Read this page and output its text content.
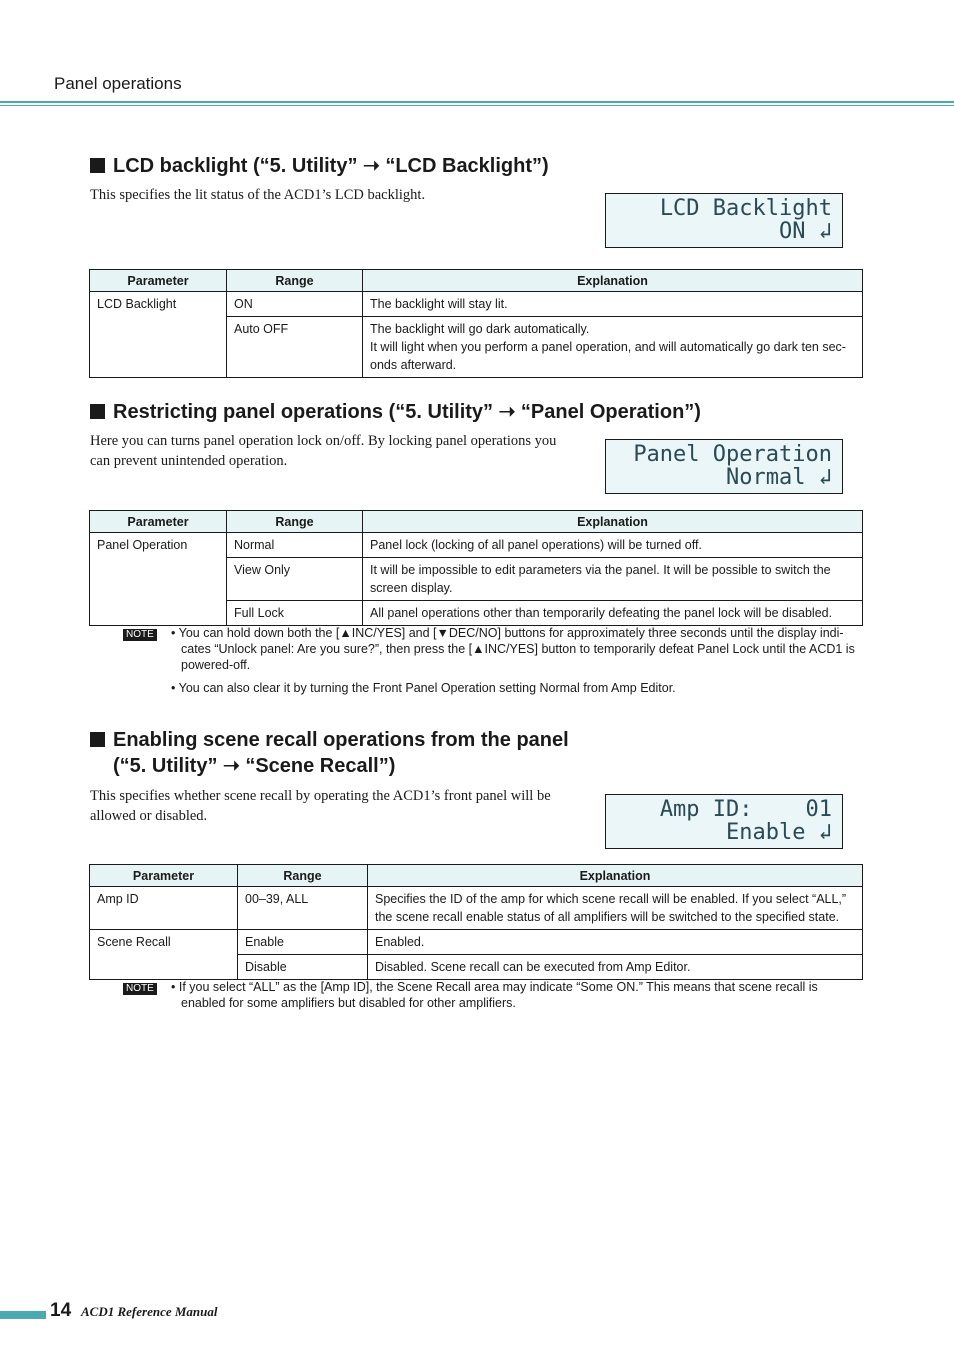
Panel operations
LCD backlight (“5. Utility” ➝ “LCD Backlight”)
This specifies the lit status of the ACD1’s LCD backlight.
LCD Backlight
ON ↲
Parameter	Range	Explanation
LCD Backlight	ON	The backlight will stay lit.
	Auto OFF	The backlight will go dark automatically.
It will light when you perform a panel operation, and will automatically go dark ten sec-onds afterward.
Restricting panel operations (“5. Utility” ➝ “Panel Operation”)
Here you can turns panel operation lock on/off. By locking panel operations you can prevent unintended operation.	Panel Operation
Normal ↲
Parameter	Range	Explanation
Panel Operation	Normal	Panel lock (locking of all panel operations) will be turned off.
	View Only	It will be impossible to edit parameters via the panel. It will be possible to switch the screen display.
	Full Lock	All panel operations other than temporarily defeating the panel lock will be disabled.
NOTE • You can hold down both the [▲INC/YES] and [▼DEC/NO] buttons for approximately three seconds until the display indi-cates “Unlock panel: Are you sure?”, then press the [▲INC/YES] button to temporarily defeat Panel Lock until the ACD1 is powered-off.

• You can also clear it by turning the Front Panel Operation setting Normal from Amp Editor.

Enabling scene recall operations from the panel
(“5. Utility” ➝ “Scene Recall”)
This specifies whether scene recall by operating the ACD1’s front panel will be allowed or disabled.	Amp ID:    01
Enable ↲
Parameter	Range	Explanation
Amp ID	00–39, ALL	Specifies the ID of the amp for which scene recall will be enabled. If you select “ALL,” the scene recall enable status of all amplifiers will be switched to the specified state.
Scene Recall	Enable	Enabled.
	Disable	Disabled. Scene recall can be executed from Amp Editor.
NOTE • If you select “ALL” as the [Amp ID], the Scene Recall area may indicate “Some ON.” This means that scene recall is enabled for some amplifiers but disabled for other amplifiers.

14 ACD1 Reference Manual
